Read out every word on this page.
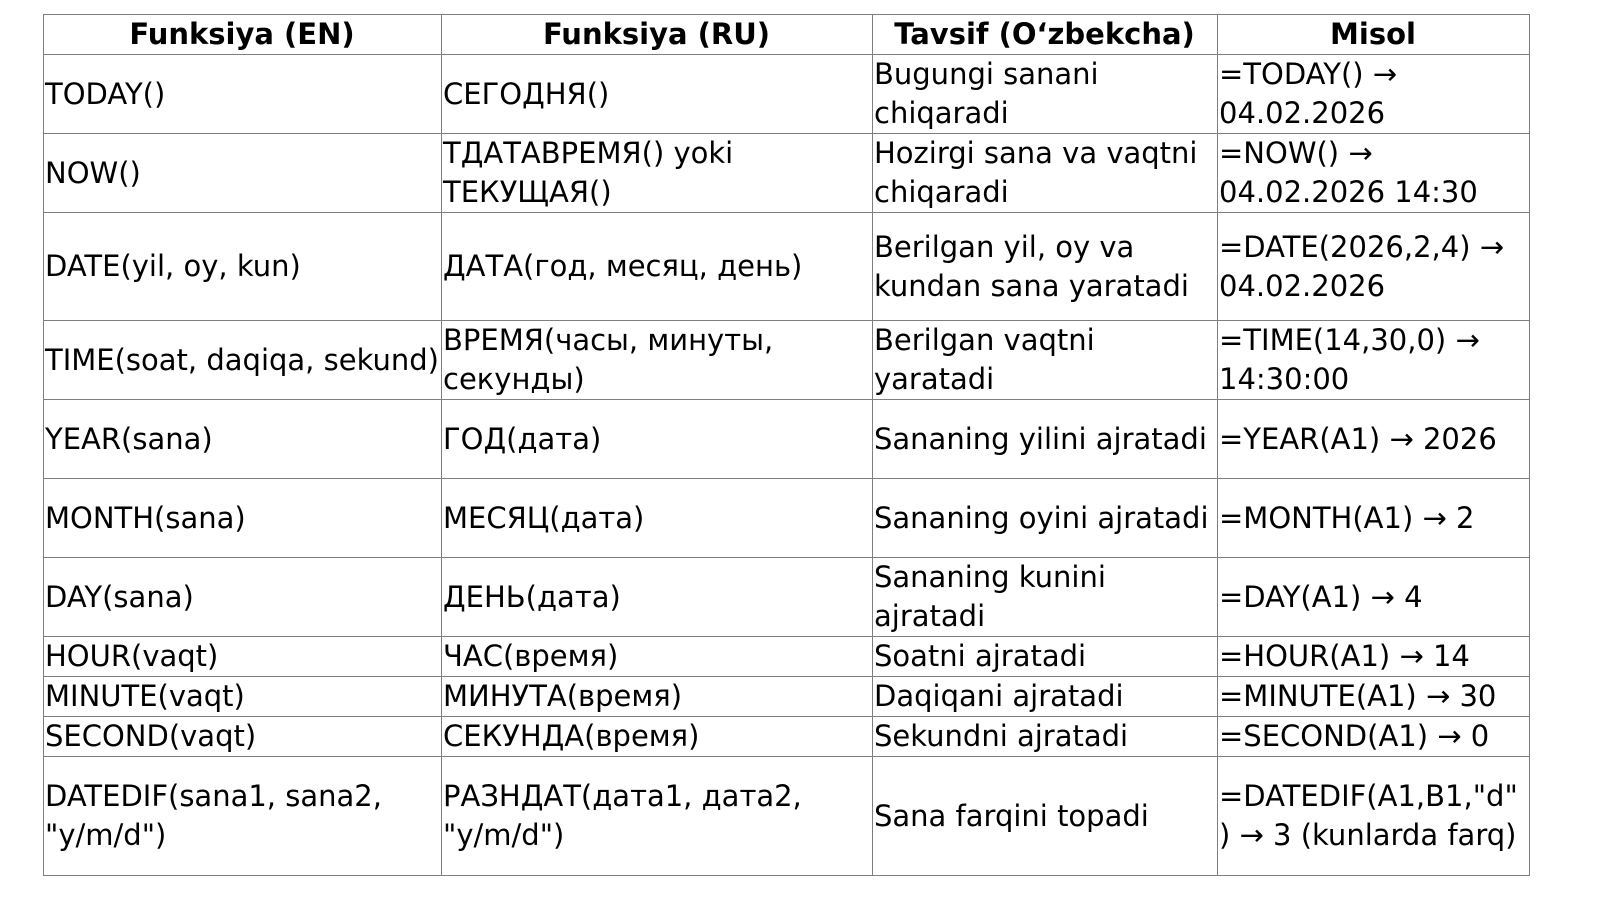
Funksiya (EN)	Funksiya (RU)	Tavsif (O‘zbekcha)	Misol
TODAY()	СЕГОДНЯ()	Bugungi sanani chiqaradi	=TODAY() → 04.02.2026
NOW()	ТДАТАВРЕМЯ() yoki ТЕКУЩАЯ()	Hozirgi sana va vaqtni chiqaradi	=NOW() → 04.02.2026 14:30
DATE(yil, oy, kun)	ДАТА(год, месяц, день)	Berilgan yil, oy va kundan sana yaratadi	=DATE(2026,2,4) → 04.02.2026
TIME(soat, daqiqa, sekund)	ВРЕМЯ(часы, минуты, секунды)	Berilgan vaqtni yaratadi	=TIME(14,30,0) → 14:30:00
YEAR(sana)	ГОД(дата)	Sananing yilini ajratadi	=YEAR(A1) → 2026
MONTH(sana)	МЕСЯЦ(дата)	Sananing oyini ajratadi	=MONTH(A1) → 2
DAY(sana)	ДЕНЬ(дата)	Sananing kunini ajratadi	=DAY(A1) → 4
HOUR(vaqt)	ЧАС(время)	Soatni ajratadi	=HOUR(A1) → 14
MINUTE(vaqt)	МИНУТА(время)	Daqiqani ajratadi	=MINUTE(A1) → 30
SECOND(vaqt)	СЕКУНДА(время)	Sekundni ajratadi	=SECOND(A1) → 0
DATEDIF(sana1, sana2, "y/m/d")	РАЗНДАТ(дата1, дата2, "y/m/d")	Sana farqini topadi	=DATEDIF(A1,B1,"d") → 3 (kunlarda farq)
